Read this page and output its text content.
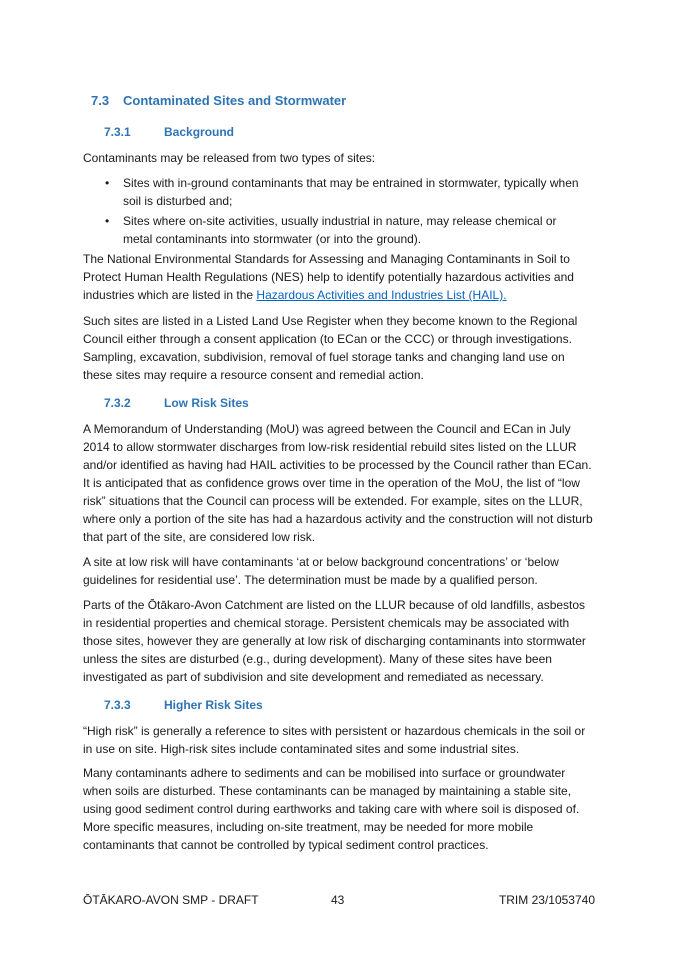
7.3 Contaminated Sites and Stormwater
7.3.1	Background

Contaminants may be released from two types of sites:

• Sites with in-ground contaminants that may be entrained in stormwater, typically when soil is disturbed and;
• Sites where on-site activities, usually industrial in nature, may release chemical or metal contaminants into stormwater (or into the ground).

The National Environmental Standards for Assessing and Managing Contaminants in Soil to Protect Human Health Regulations (NES) help to identify potentially hazardous activities and industries which are listed in the Hazardous Activities and Industries List (HAIL).

Such sites are listed in a Listed Land Use Register when they become known to the Regional Council either through a consent application (to ECan or the CCC) or through investigations. Sampling, excavation, subdivision, removal of fuel storage tanks and changing land use on these sites may require a resource consent and remedial action.

7.3.2	Low Risk Sites

A Memorandum of Understanding (MoU) was agreed between the Council and ECan in July 2014 to allow stormwater discharges from low-risk residential rebuild sites listed on the LLUR and/or identified as having had HAIL activities to be processed by the Council rather than ECan. It is anticipated that as confidence grows over time in the operation of the MoU, the list of “low risk” situations that the Council can process will be extended. For example, sites on the LLUR, where only a portion of the site has had a hazardous activity and the construction will not disturb that part of the site, are considered low risk.

A site at low risk will have contaminants ‘at or below background concentrations’ or ‘below guidelines for residential use’. The determination must be made by a qualified person.

Parts of the Ōtākaro-Avon Catchment are listed on the LLUR because of old landfills, asbestos in residential properties and chemical storage. Persistent chemicals may be associated with those sites, however they are generally at low risk of discharging contaminants into stormwater unless the sites are disturbed (e.g., during development). Many of these sites have been investigated as part of subdivision and site development and remediated as necessary.

7.3.3	Higher Risk Sites

“High risk” is generally a reference to sites with persistent or hazardous chemicals in the soil or in use on site. High-risk sites include contaminated sites and some industrial sites.

Many contaminants adhere to sediments and can be mobilised into surface or groundwater when soils are disturbed. These contaminants can be managed by maintaining a stable site, using good sediment control during earthworks and taking care with where soil is disposed of. More specific measures, including on-site treatment, may be needed for more mobile contaminants that cannot be controlled by typical sediment control practices.

ŌTĀKARO-AVON SMP - DRAFT	43	TRIM 23/1053740
